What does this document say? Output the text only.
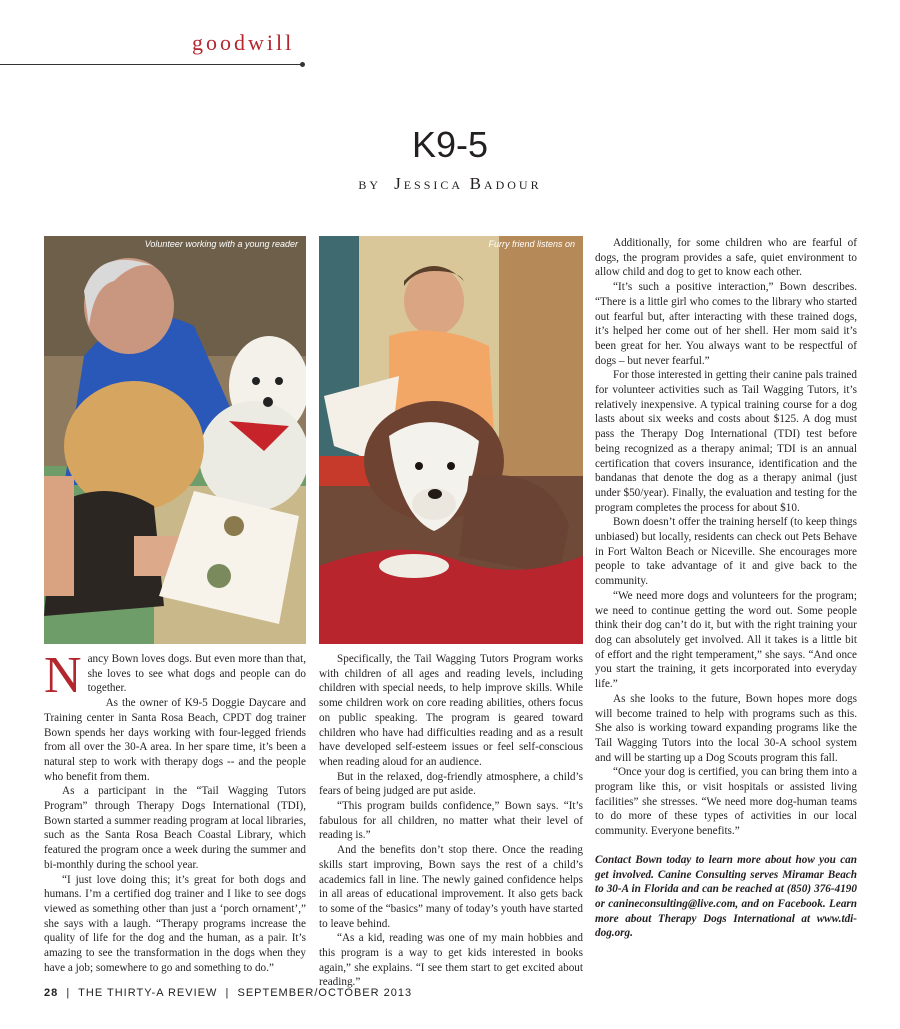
goodwill
K9-5
BY Jessica Badour
Volunteer working with a young reader	Furry friend listens on

Nancy Bown loves dogs. But even more than that, she loves to see what dogs and people can do together.

As the owner of K9-5 Doggie Daycare and Training center in Santa Rosa Beach, CPDT dog trainer Bown spends her days working with four-legged friends from all over the 30-A area. In her spare time, it’s been a natural step to work with therapy dogs -- and the people who benefit from them.

As a participant in the “Tail Wagging Tutors Program” through Therapy Dogs International (TDI), Bown started a summer reading program at local libraries, such as the Santa Rosa Beach Coastal Library, which featured the program once a week during the summer and bi-monthly during the school year.

“I just love doing this; it’s great for both dogs and humans. I’m a certified dog trainer and I like to see dogs viewed as something other than just a ‘porch ornament’,” she says with a laugh. “Therapy programs increase the quality of life for the dog and the human, as a pair. It’s amazing to see the transformation in the dogs when they have a job; somewhere to go and something to do.”

Specifically, the Tail Wagging Tutors Program works with children of all ages and reading levels, including children with special needs, to help improve skills. While some children work on core reading abilities, others focus on public speaking. The program is geared toward children who have had difficulties reading and as a result have developed self-esteem issues or feel self-conscious when reading aloud for an audience.

But in the relaxed, dog-friendly atmosphere, a child’s fears of being judged are put aside.

“This program builds confidence,” Bown says. “It’s fabulous for all children, no matter what their level of reading is.”

And the benefits don’t stop there. Once the reading skills start improving, Bown says the rest of a child’s academics fall in line. The newly gained confidence helps in all areas of educational improvement. It also gets back to some of the “basics” many of today’s youth have started to leave behind.

“As a kid, reading was one of my main hobbies and this program is a way to get kids interested in books again,” she explains. “I see them start to get excited about reading.”

Additionally, for some children who are fearful of dogs, the program provides a safe, quiet environment to allow child and dog to get to know each other.

“It’s such a positive interaction,” Bown describes. “There is a little girl who comes to the library who started out fearful but, after interacting with these trained dogs, it’s helped her come out of her shell. Her mom said it’s been great for her. You always want to be respectful of dogs – but never fearful.”

For those interested in getting their canine pals trained for volunteer activities such as Tail Wagging Tutors, it’s relatively inexpensive. A typical training course for a dog lasts about six weeks and costs about $125. A dog must pass the Therapy Dog International (TDI) test before being recognized as a therapy animal; TDI is an annual certification that covers insurance, identification and the bandanas that denote the dog as a therapy animal (just under $50/year). Finally, the evaluation and testing for the program completes the process for about $10.

Bown doesn’t offer the training herself (to keep things unbiased) but locally, residents can check out Pets Behave in Fort Walton Beach or Niceville. She encourages more people to take advantage of it and give back to the community.

“We need more dogs and volunteers for the program; we need to continue getting the word out. Some people think their dog can’t do it, but with the right training your dog can absolutely get involved. All it takes is a little bit of effort and the right temperament,” she says. “And once you start the training, it gets incorporated into everyday life.”

As she looks to the future, Bown hopes more dogs will become trained to help with programs such as this. She also is working toward expanding programs like the Tail Wagging Tutors into the local 30-A school system and will be starting up a Dog Scouts program this fall.

“Once your dog is certified, you can bring them into a program like this, or visit hospitals or assisted living facilities” she stresses. “We need more dog-human teams to do more of these types of activities in our local community. Everyone benefits.”

Contact Bown today to learn more about how you can get involved. Canine Consulting serves Miramar Beach to 30-A in Florida and can be reached at (850) 376-4190 or canineconsulting@live.com, and on Facebook. Learn more about Therapy Dogs International at www.tdi-dog.org.

28  |  THE THIRTY-A REVIEW  |  SEPTEMBER/OCTOBER 2013
